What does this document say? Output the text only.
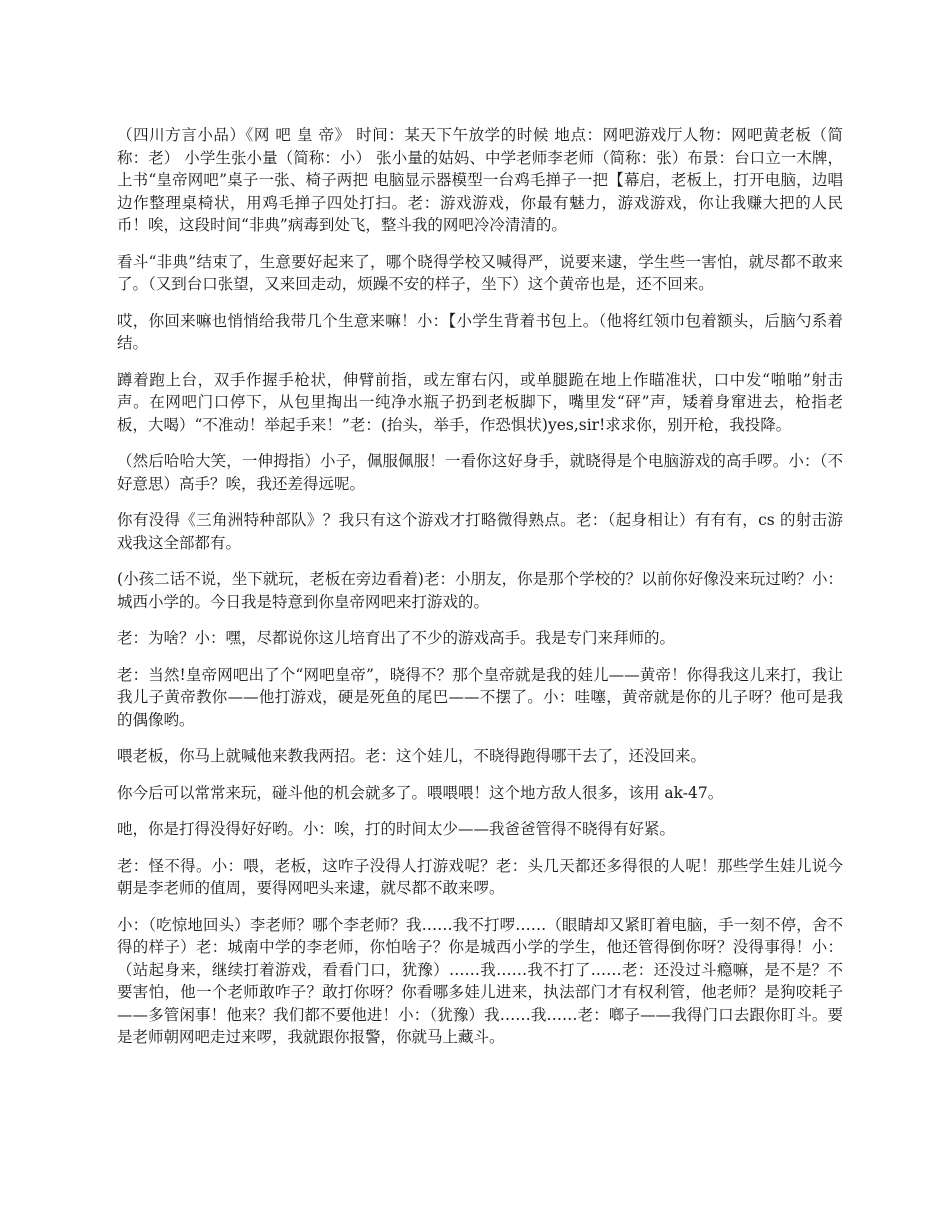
（四川方言小品）《网 吧 皇 帝》 时间：某天下午放学的时候 地点：网吧游戏厅人物：网吧黄老板（简称：老） 小学生张小量（简称：小） 张小量的姑妈、中学老师李老师（简称：张）布景：台口立一木牌，上书“皇帝网吧”桌子一张、椅子两把 电脑显示器模型一台鸡毛掸子一把【幕启，老板上，打开电脑，边唱边作整理桌椅状，用鸡毛掸子四处打扫。老：游戏游戏，你最有魅力，游戏游戏，你让我赚大把的人民币！唉，这段时间“非典”病毒到处飞，整斗我的网吧冷冷清清的。

看斗“非典”结束了，生意要好起来了，哪个晓得学校又喊得严，说要来逮，学生些一害怕，就尽都不敢来了。（又到台口张望，又来回走动，烦躁不安的样子，坐下）这个黄帝也是，还不回来。

哎，你回来嘛也悄悄给我带几个生意来嘛！小：【小学生背着书包上。（他将红领巾包着额头，后脑勺系着结。

蹲着跑上台，双手作握手枪状，伸臂前指，或左窜右闪，或单腿跪在地上作瞄准状，口中发“啪啪”射击声。在网吧门口停下，从包里掏出一纯净水瓶子扔到老板脚下，嘴里发“砰”声，矮着身窜进去，枪指老板，大喝）“不准动！举起手来！”老：(抬头，举手，作恐惧状)yes,sir!求求你，别开枪，我投降。

（然后哈哈大笑，一伸拇指）小子，佩服佩服！一看你这好身手，就晓得是个电脑游戏的高手啰。小：（不好意思）高手？唉，我还差得远呢。

你有没得《三角洲特种部队》？我只有这个游戏才打略微得熟点。老：（起身相让）有有有，cs 的射击游戏我这全部都有。

(小孩二话不说，坐下就玩，老板在旁边看着)老：小朋友，你是那个学校的？以前你好像没来玩过哟？小：城西小学的。今日我是特意到你皇帝网吧来打游戏的。

老：为啥？小：嘿，尽都说你这儿培育出了不少的游戏高手。我是专门来拜师的。

老：当然!皇帝网吧出了个“网吧皇帝”，晓得不？那个皇帝就是我的娃儿——黄帝！你得我这儿来打，我让我儿子黄帝教你——他打游戏，硬是死鱼的尾巴——不摆了。小：哇噻，黄帝就是你的儿子呀？他可是我的偶像哟。

喂老板，你马上就喊他来教我两招。老：这个娃儿，不晓得跑得哪干去了，还没回来。

你今后可以常常来玩，碰斗他的机会就多了。喂喂喂！这个地方敌人很多，该用 ak-47。

吔，你是打得没得好好哟。小：唉，打的时间太少——我爸爸管得不晓得有好紧。

老：怪不得。小：喂，老板，这咋子没得人打游戏呢？老：头几天都还多得很的人呢！那些学生娃儿说今朝是李老师的值周，要得网吧头来逮，就尽都不敢来啰。

小：（吃惊地回头）李老师？哪个李老师？我……我不打啰……（眼睛却又紧盯着电脑，手一刻不停，舍不得的样子）老：城南中学的李老师，你怕啥子？你是城西小学的学生，他还管得倒你呀？没得事得！小：（站起身来，继续打着游戏，看看门口，犹豫）……我……我不打了……老：还没过斗瘾嘛，是不是？不要害怕，他一个老师敢咋子？敢打你呀？你看哪多娃儿进来，执法部门才有权利管，他老师？是狗咬耗子——多管闲事！他来？我们都不要他进！小：（犹豫）我……我……老：啷子——我得门口去跟你盯斗。要是老师朝网吧走过来啰，我就跟你报警，你就马上藏斗。
